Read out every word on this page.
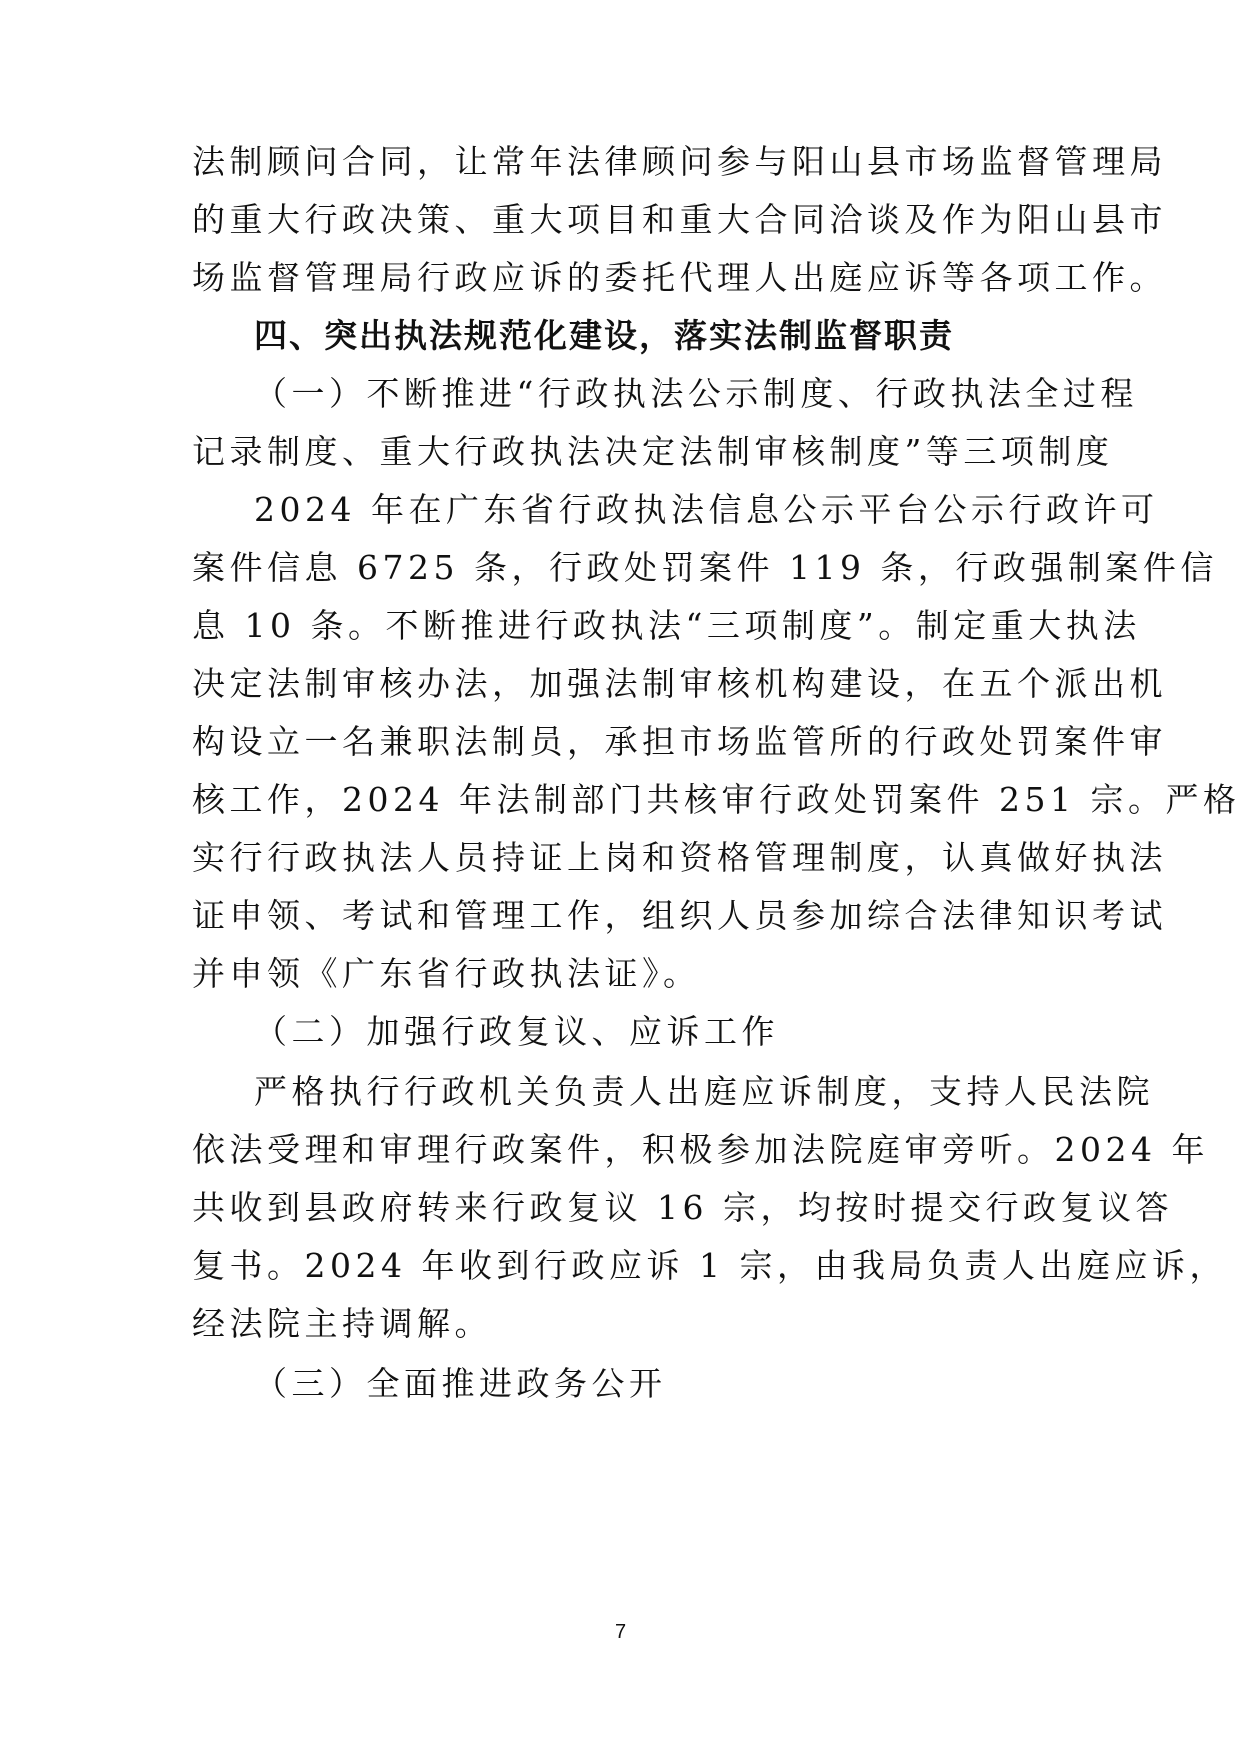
法制顾问合同，让常年法律顾问参与阳山县市场监督管理局
的重大行政决策、重大项目和重大合同洽谈及作为阳山县市
场监督管理局行政应诉的委托代理人出庭应诉等各项工作。
四、突出执法规范化建设，落实法制监督职责
（一）不断推进“行政执法公示制度、行政执法全过程
记录制度、重大行政执法决定法制审核制度”等三项制度
2024 年在广东省行政执法信息公示平台公示行政许可
案件信息 6725 条，行政处罚案件 119 条，行政强制案件信
息 10 条。不断推进行政执法“三项制度”。制定重大执法
决定法制审核办法，加强法制审核机构建设，在五个派出机
构设立一名兼职法制员，承担市场监管所的行政处罚案件审
核工作，2024 年法制部门共核审行政处罚案件 251 宗。严格
实行行政执法人员持证上岗和资格管理制度，认真做好执法
证申领、考试和管理工作，组织人员参加综合法律知识考试
并申领《广东省行政执法证》。
（二）加强行政复议、应诉工作
严格执行行政机关负责人出庭应诉制度，支持人民法院
依法受理和审理行政案件，积极参加法院庭审旁听。2024 年
共收到县政府转来行政复议 16 宗，均按时提交行政复议答
复书。2024 年收到行政应诉 1 宗，由我局负责人出庭应诉，
经法院主持调解。
（三）全面推进政务公开
7
